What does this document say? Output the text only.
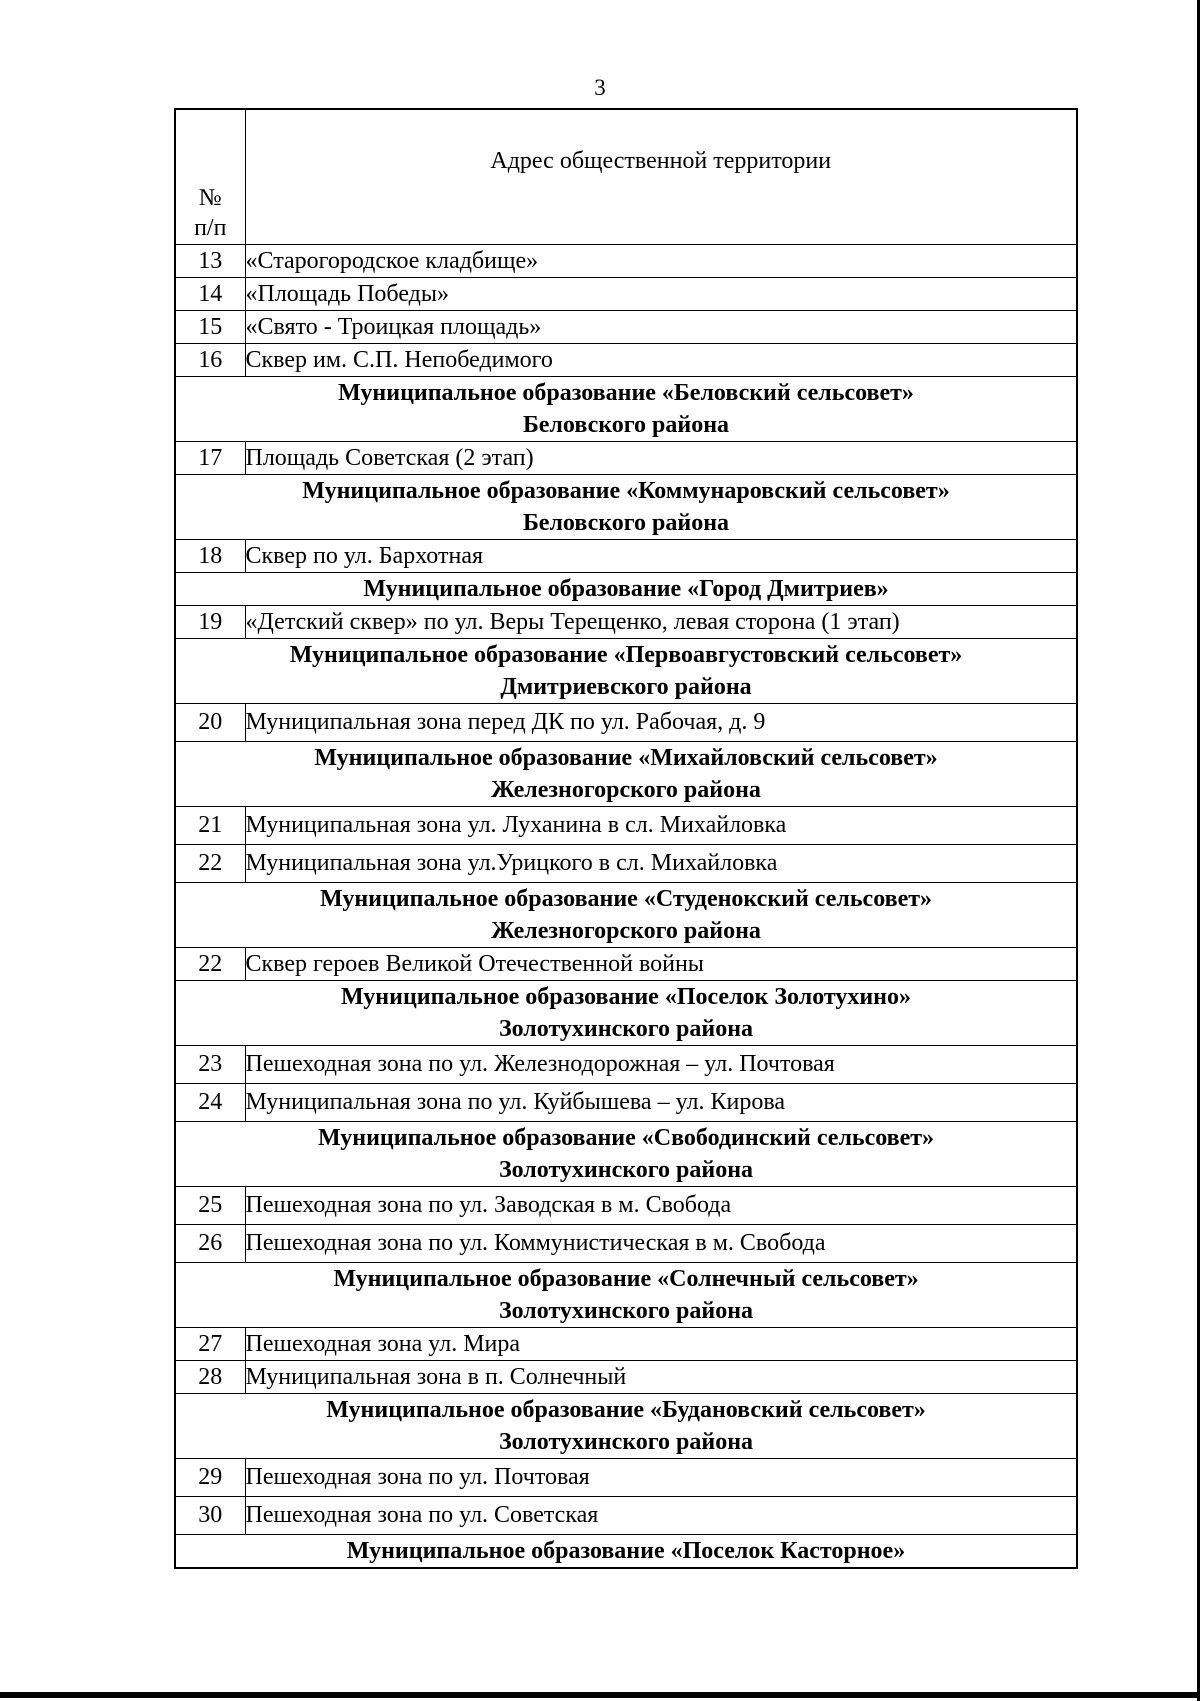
3
№
п/п	Адрес общественной территории
13	«Старогородское кладбище»
14	«Площадь Победы»
15	«Свято - Троицкая площадь»
16	Сквер им. С.П. Непобедимого

Муниципальное образование «Беловский сельсовет»
Беловского района	

17	Площадь Советская (2 этап)

Муниципальное образование «Коммунаровский сельсовет»
Беловского района	

18	Сквер по ул. Бархотная

Муниципальное образование «Город Дмитриев»	

19	«Детский сквер» по ул. Веры Терещенко, левая сторона (1 этап)

Муниципальное образование «Первоавгустовский сельсовет»
Дмитриевского района	

20	Муниципальная зона перед ДК по ул. Рабочая, д. 9

Муниципальное образование «Михайловский сельсовет»
Железногорского района	

21	Муниципальная зона ул. Луханина в сл. Михайловка
22	Муниципальная зона ул.Урицкого в сл. Михайловка

Муниципальное образование «Студенокский сельсовет»
Железногорского района	

22	Сквер героев Великой Отечественной войны

Муниципальное образование «Поселок Золотухино»
Золотухинского района	

23	Пешеходная зона по ул. Железнодорожная – ул. Почтовая
24	Муниципальная зона по ул. Куйбышева – ул. Кирова

Муниципальное образование «Свободинский сельсовет»
Золотухинского района	

25	Пешеходная зона по ул. Заводская в м. Свобода
26	Пешеходная зона по ул. Коммунистическая в м. Свобода

Муниципальное образование «Солнечный сельсовет»
Золотухинского района	

27	Пешеходная зона ул. Мира
28	Муниципальная зона в п. Солнечный

Муниципальное образование «Будановский сельсовет»
Золотухинского района	

29	Пешеходная зона по ул. Почтовая
30	Пешеходная зона по ул. Советская

Муниципальное образование «Поселок Касторное»	
